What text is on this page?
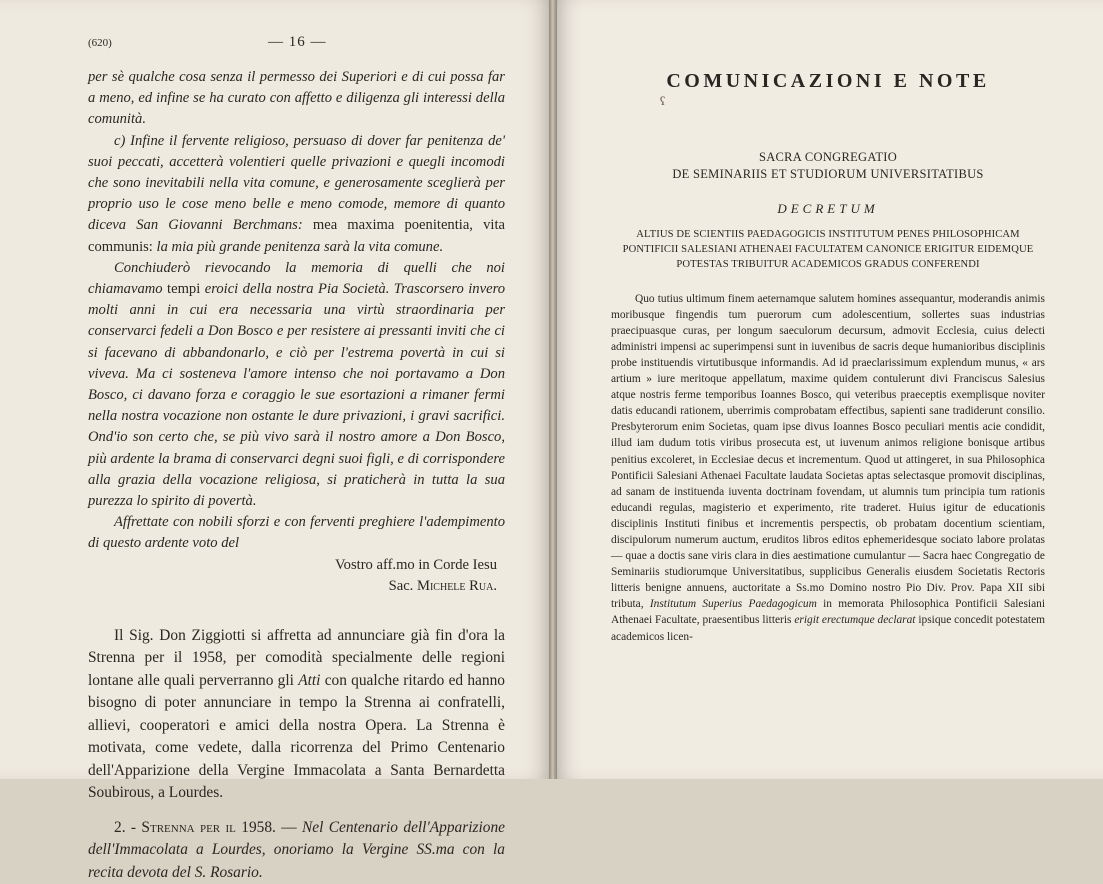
(620)	— 16 —

per sè qualche cosa senza il permesso dei Superiori e di cui possa far a meno, ed infine se ha curato con affetto e diligenza gli interessi della comunità.

c) Infine il fervente religioso, persuaso di dover far penitenza de' suoi peccati, accetterà volentieri quelle privazioni e quegli incomodi che sono inevitabili nella vita comune, e generosamente sceglierà per proprio uso le cose meno belle e meno comode, memore di quanto diceva San Giovanni Berchmans: mea maxima poenitentia, vita communis: la mia più grande penitenza sarà la vita comune.

Conchiuderò rievocando la memoria di quelli che noi chiamavamo tempi eroici della nostra Pia Società. Trascorsero invero molti anni in cui era necessaria una virtù straordinaria per conservarci fedeli a Don Bosco e per resistere ai pressanti inviti che ci si facevano di abbandonarlo, e ciò per l'estrema povertà in cui si viveva. Ma ci sosteneva l'amore intenso che noi portavamo a Don Bosco, ci davano forza e coraggio le sue esortazioni a rimaner fermi nella nostra vocazione non ostante le dure privazioni, i gravi sacrifici. Ond'io son certo che, se più vivo sarà il nostro amore a Don Bosco, più ardente la brama di conservarci degni suoi figli, e di corrispondere alla grazia della vocazione religiosa, si praticherà in tutta la sua purezza lo spirito di povertà.

Affrettate con nobili sforzi e con ferventi preghiere l'adempimento di questo ardente voto del

Vostro aff.mo in Corde Iesu

Sac. Michele Rua.

Il Sig. Don Ziggiotti si affretta ad annunciare già fin d'ora la Strenna per il 1958, per comodità specialmente delle regioni lontane alle quali perverranno gli Atti con qualche ritardo ed hanno bisogno di poter annunciare in tempo la Strenna ai confratelli, allievi, cooperatori e amici della nostra Opera. La Strenna è motivata, come vedete, dalla ricorrenza del Primo Centenario dell'Apparizione della Vergine Immacolata a Santa Bernardetta Soubirous, a Lourdes.

2. - Strenna per il 1958. — Nel Centenario dell'Apparizione dell'Immacolata a Lourdes, onoriamo la Vergine SS.ma con la recita devota del S. Rosario.

COMUNICAZIONI E NOTE

SACRA CONGREGATIO

DE SEMINARIIS ET STUDIORUM UNIVERSITATIBUS

DECRETUM

ALTIUS DE SCIENTIIS PAEDAGOGICIS INSTITUTUM PENES PHILOSOPHICAM PONTIFICII SALESIANI ATHENAEI FACULTATEM CANONICE ERIGITUR EIDEMQUE POTESTAS TRIBUITUR ACADEMICOS GRADUS CONFERENDI

Quo tutius ultimum finem aeternamque salutem homines assequantur, moderandis animis moribusque fingendis tum puerorum cum adolescentium, sollertes suas industrias praecipuasque curas, per longum saeculorum decursum, admovit Ecclesia, cuius delecti administri impensi ac superimpensi sunt in iuvenibus de sacris deque humanioribus disciplinis probe instituendis virtutibusque informandis. Ad id praeclarissimum explendum munus, « ars artium » iure meritoque appellatum, maxime quidem contulerunt divi Franciscus Salesius atque nostris ferme temporibus Ioannes Bosco, qui veteribus praeceptis exemplisque noviter datis educandi rationem, uberrimis comprobatam effectibus, sapienti sane tradiderunt consilio. Presbyterorum enim Societas, quam ipse divus Ioannes Bosco peculiari mentis acie condidit, illud iam dudum totis viribus prosecuta est, ut iuvenum animos religione bonisque artibus penitius excoleret, in Ecclesiae decus et incrementum. Quod ut attingeret, in sua Philosophica Pontificii Salesiani Athenaei Facultate laudata Societas aptas selectasque promovit disciplinas, ad sanam de instituenda iuventa doctrinam fovendam, ut alumnis tum principia tum rationis educandi regulas, magisterio et experimento, rite traderet. Huius igitur de educationis disciplinis Instituti finibus et incrementis perspectis, ob probatam docentium scientiam, discipulorum numerum auctum, eruditos libros editos ephemeridesque sociato labore prolatas — quae a doctis sane viris clara in dies aestimatione cumulantur — Sacra haec Congregatio de Seminariis studiorumque Universitatibus, supplicibus Generalis eiusdem Societatis Rectoris litteris benigne annuens, auctoritate a Ss.mo Domino nostro Pio Div. Prov. Papa XII sibi tributa, Institutum Superius Paedagogicum in memorata Philosophica Pontificii Salesiani Athenaei Facultate, praesentibus litteris erigit erectumque declarat ipsique concedit potestatem academicos licen-

ʕ
